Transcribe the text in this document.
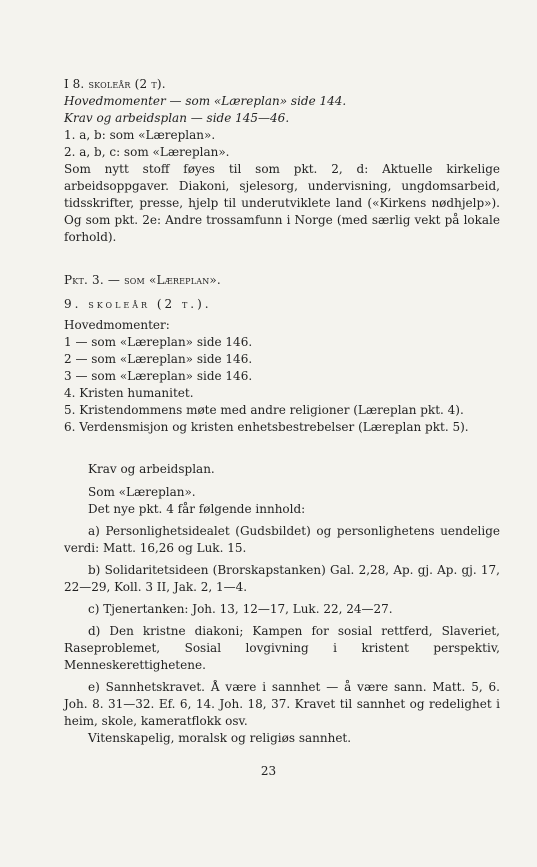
I 8. skoleår (2 t).
Hovedmomenter — som «Læreplan» side 144.
Krav og arbeidsplan — side 145—46.
1. a, b: som «Læreplan».
2. a, b, c: som «Læreplan».
Som nytt stoff føyes til som pkt. 2, d: Aktuelle kirkelige arbeidsoppgaver. Diakoni, sjelesorg, undervisning, ungdomsarbeid, tidsskrifter, presse, hjelp til underutviklete land («Kirkens nødhjelp»). Og som pkt. 2e: Andre trossamfunn i Norge (med særlig vekt på lokale forhold).
Pkt. 3. — som «Læreplan».
9. skoleår (2 t.).
Hovedmomenter:
1 — som «Læreplan» side 146.
2 — som «Læreplan» side 146.
3 — som «Læreplan» side 146.
4. Kristen humanitet.
5. Kristendommens møte med andre religioner (Læreplan pkt. 4).
6. Verdensmisjon og kristen enhetsbestrebelser (Læreplan pkt. 5).
Krav og arbeidsplan.
Som «Læreplan».
Det nye pkt. 4 får følgende innhold:
a) Personlighetsidealet (Gudsbildet) og personlighetens uendelige verdi: Matt. 16,26 og Luk. 15.
b) Solidaritetsideen (Brorskapstanken) Gal. 2,28, Ap. gj. Ap. gj. 17, 22—29, Koll. 3 II, Jak. 2, 1—4.
c) Tjenertanken: Joh. 13, 12—17, Luk. 22, 24—27.
d) Den kristne diakoni; Kampen for sosial rettferd, Slaveriet, Raseproblemet, Sosial lovgivning i kristent perspektiv, Menneskerettighetene.
e) Sannhetskravet. Å være i sannhet — å være sann. Matt. 5, 6. Joh. 8. 31—32. Ef. 6, 14. Joh. 18, 37. Kravet til sannhet og redelighet i heim, skole, kameratflokk osv.
Vitenskapelig, moralsk og religiøs sannhet.
23
